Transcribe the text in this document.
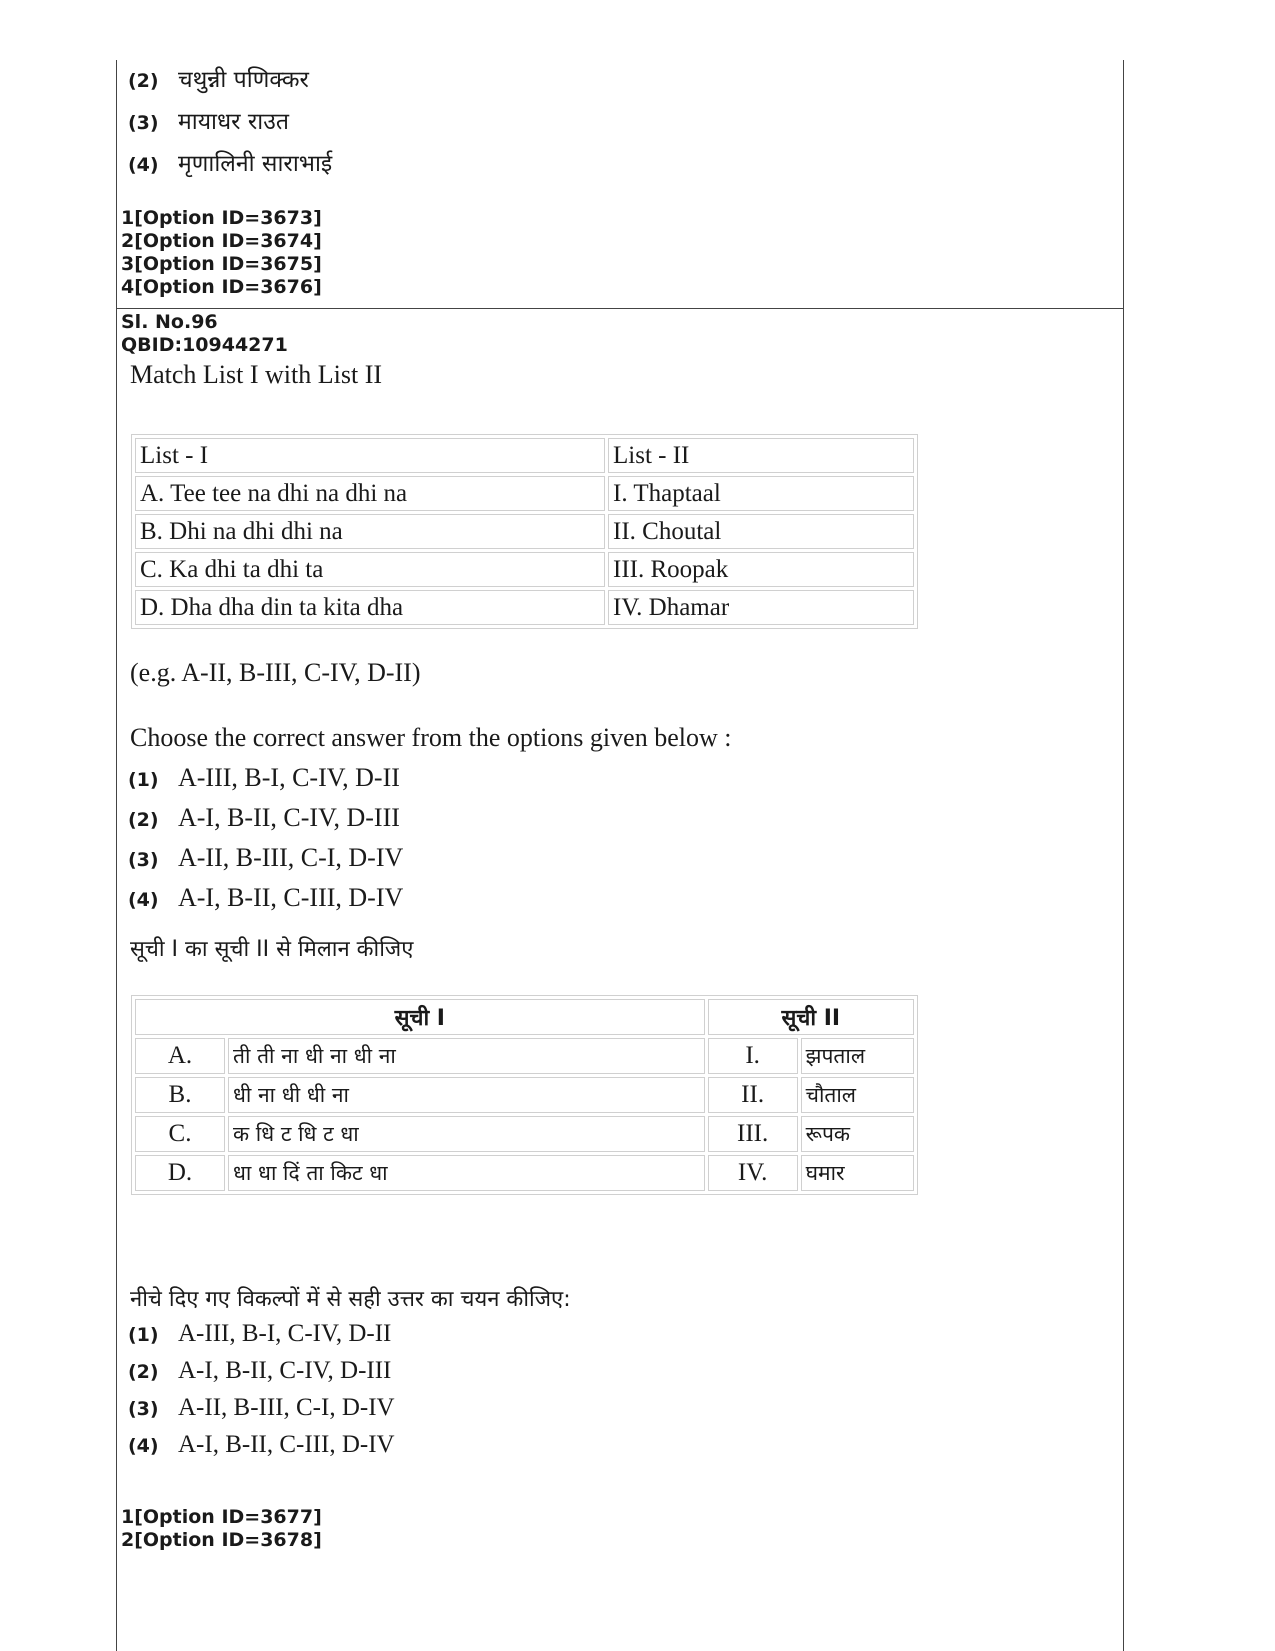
(2) चथुन्नी पणिक्कर
(3) मायाधर राउत
(4) मृणालिनी साराभाई
1[Option ID=3673]
2[Option ID=3674]
3[Option ID=3675]
4[Option ID=3676]
Sl. No.96
QBID:10944271
Match List I with List II
List - I	List - II
A. Tee tee na dhi na dhi na	I. Thaptaal
B. Dhi na dhi dhi na	II. Choutal
C. Ka dhi ta dhi ta	III. Roopak
D. Dha dha din ta kita dha	IV. Dhamar
(e.g. A-II, B-III, C-IV, D-II)
Choose the correct answer from the options given below :
(1) A-III, B-I, C-IV, D-II
(2) A-I, B-II, C-IV, D-III
(3) A-II, B-III, C-I, D-IV
(4) A-I, B-II, C-III, D-IV
सूची I का सूची II से मिलान कीजिए
सूची I		सूची II	
A.	ती ती ना धी ना धी ना	I.	झपताल
B.	धी ना धी धी ना	II.	चौताल
C.	क धि ट धि ट धा	III.	रूपक
D.	धा धा दिं ता किट धा	IV.	घमार
नीचे दिए गए विकल्पों में से सही उत्तर का चयन कीजिए:
(1) A-III, B-I, C-IV, D-II
(2) A-I, B-II, C-IV, D-III
(3) A-II, B-III, C-I, D-IV
(4) A-I, B-II, C-III, D-IV
1[Option ID=3677]
2[Option ID=3678]
